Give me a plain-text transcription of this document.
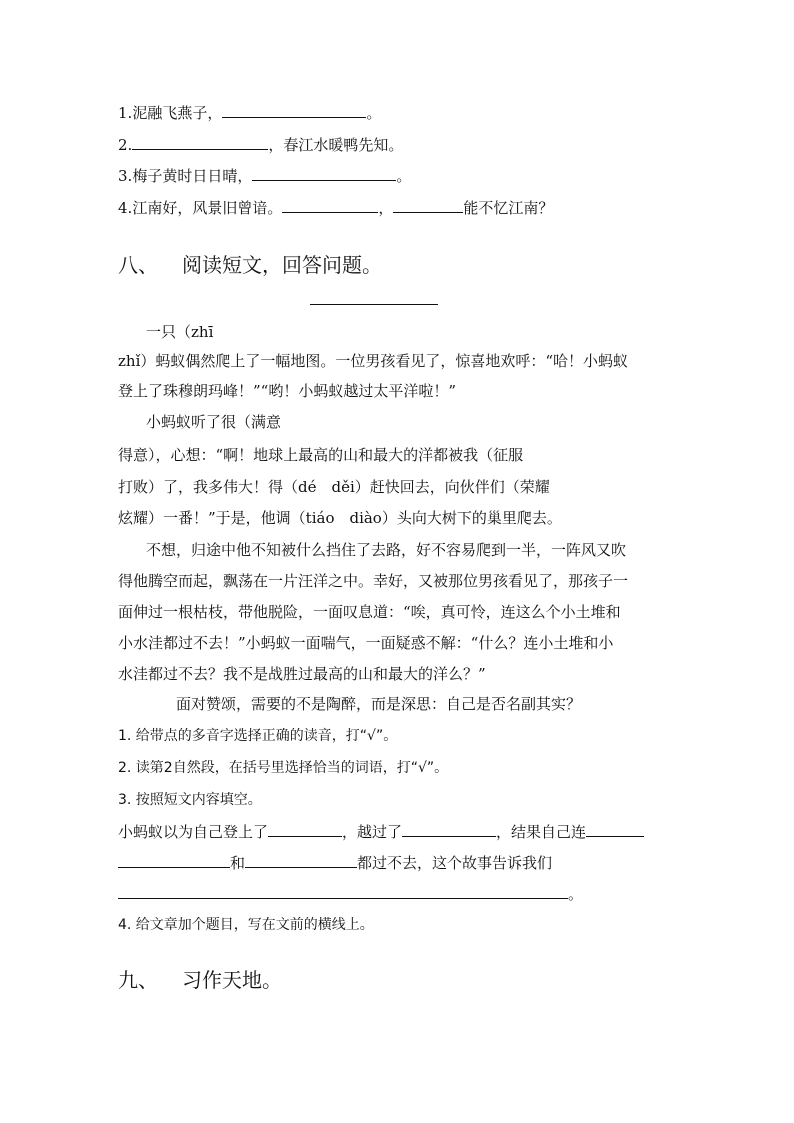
1.泥融飞燕子，	。
2.	，春江水暖鸭先知。
3.梅子黄时日日晴，	。
4.江南好，风景旧曾谙。	，	能不忆江南？
八、 阅读短文，回答问题。
一只（zhī
zhǐ）蚂蚁偶然爬上了一幅地图。一位男孩看见了，惊喜地欢呼：“哈！小蚂蚁
登上了珠穆朗玛峰！”“哟！小蚂蚁越过太平洋啦！”
小蚂蚁听了很（满意
得意），心想：“啊！地球上最高的山和最大的洋都被我（征服
打败）了，我多伟大！得（dé　děi）赶快回去，向伙伴们（荣耀
炫耀）一番！”于是，他调（tiáo　diào）头向大树下的巢里爬去。
不想，归途中他不知被什么挡住了去路，好不容易爬到一半，一阵风又吹
得他腾空而起，飘荡在一片汪洋之中。幸好，又被那位男孩看见了，那孩子一
面伸过一根枯枝，带他脱险，一面叹息道：“唉，真可怜，连这么个小土堆和
小水洼都过不去！”小蚂蚁一面喘气，一面疑惑不解：“什么？连小土堆和小
水洼都过不去？我不是战胜过最高的山和最大的洋么？”
面对赞颂，需要的不是陶醉，而是深思：自己是否名副其实？
1. 给带点的多音字选择正确的读音，打“√”。
2. 读第2自然段，在括号里选择恰当的词语，打“√”。
3. 按照短文内容填空。
小蚂蚁以为自己登上了	，越过了	，结果自己连
和	都过不去，这个故事告诉我们
。
4. 给文章加个题目，写在文前的横线上。
九、 习作天地。
